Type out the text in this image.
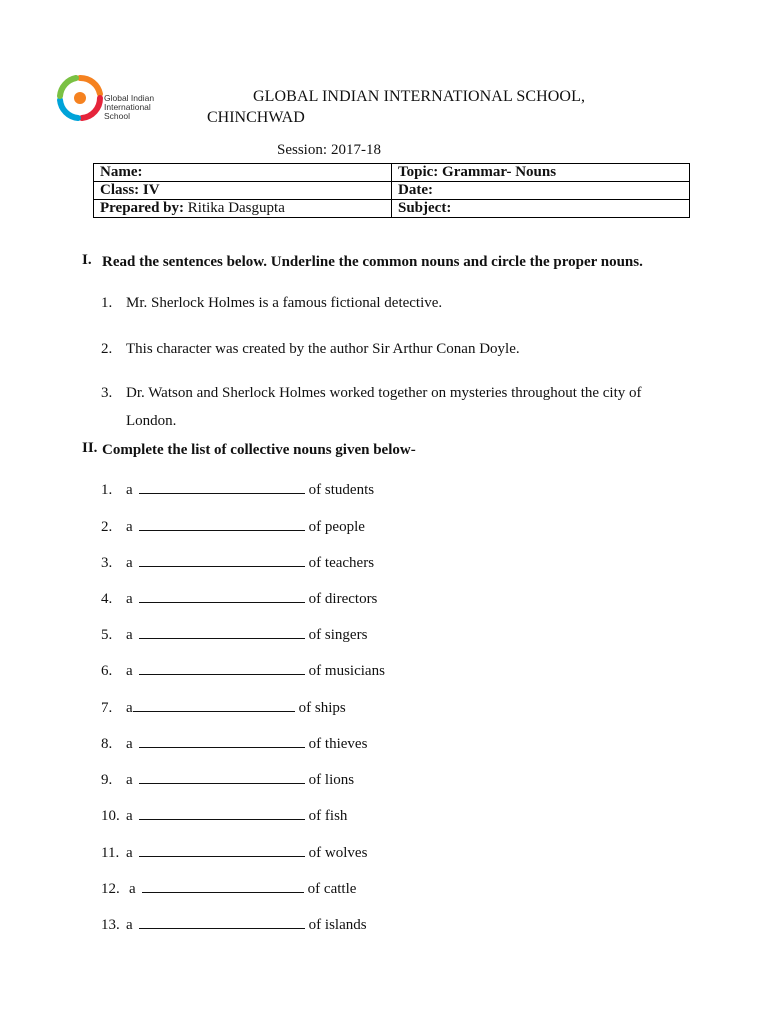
Global Indian
International
School
GLOBAL INDIAN INTERNATIONAL SCHOOL,
CHINCHWAD
Session: 2017-18
Name:	Topic: Grammar- Nouns
Class: IV	Date:
Prepared by: Ritika Dasgupta	Subject:
I. Read the sentences below. Underline the common nouns and circle the proper nouns.
1. Mr. Sherlock Holmes is a famous fictional detective.
2. This character was created by the author Sir Arthur Conan Doyle.
3. Dr. Watson and Sherlock Holmes worked together on mysteries throughout the city of London.
II. Complete the list of collective nouns given below-
1. a	of students
2. a	of people
3. a	of teachers
4. a	of directors
5. a	of singers
6. a	of musicians
7. a	of ships
8. a	of thieves
9. a	of lions
10. a	of fish
11. a	of wolves
12. a	of cattle
13. a	of islands
